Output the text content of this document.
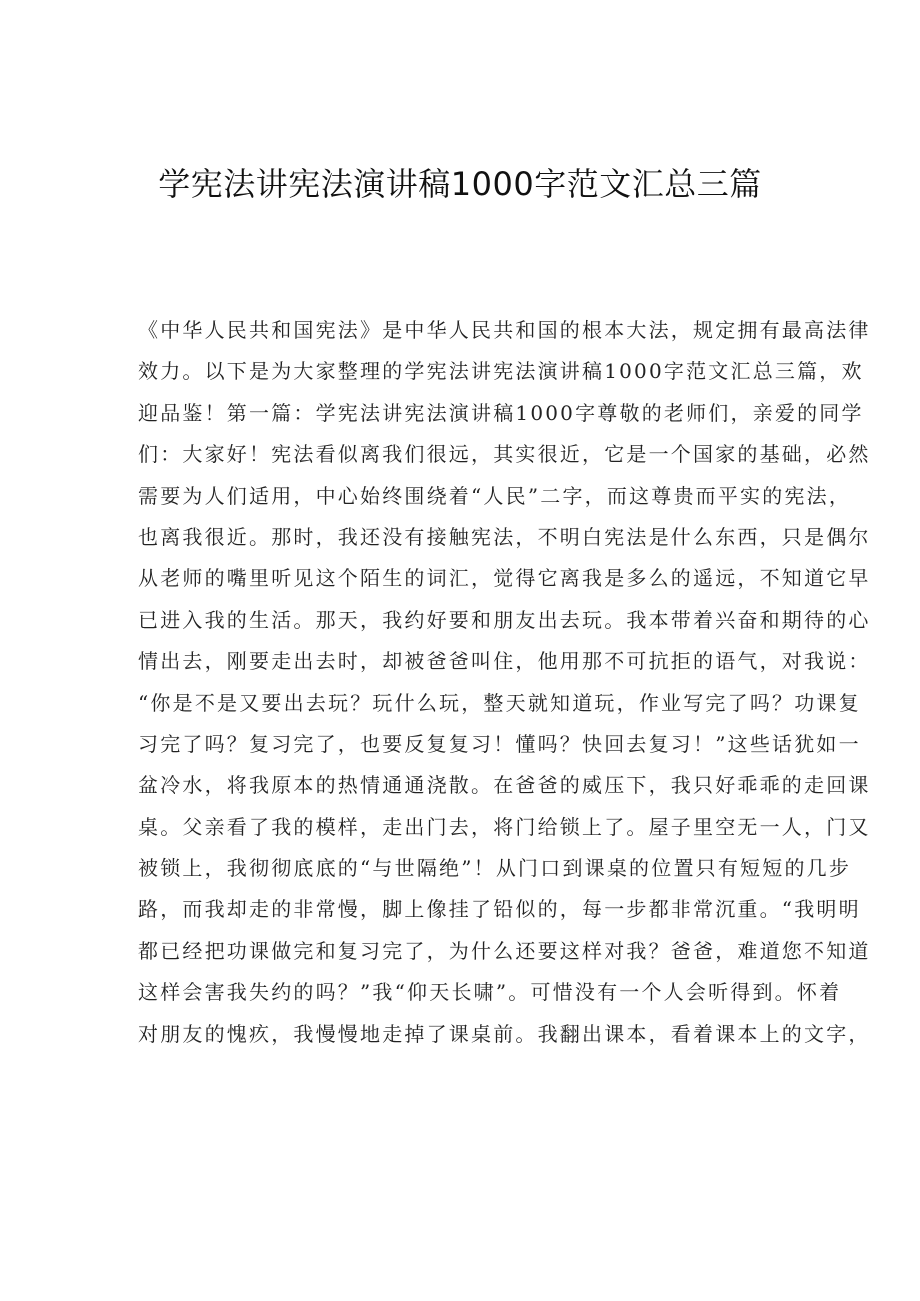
学宪法讲宪法演讲稿1000字范文汇总三篇
《中华人民共和国宪法》是中华人民共和国的根本大法，规定拥有最高法律
效力。以下是为大家整理的学宪法讲宪法演讲稿1000字范文汇总三篇，欢
迎品鉴！第一篇：学宪法讲宪法演讲稿1000字尊敬的老师们，亲爱的同学
们：大家好！宪法看似离我们很远，其实很近，它是一个国家的基础，必然
需要为人们适用，中心始终围绕着“人民”二字，而这尊贵而平实的宪法，
也离我很近。那时，我还没有接触宪法，不明白宪法是什么东西，只是偶尔
从老师的嘴里听见这个陌生的词汇，觉得它离我是多么的遥远，不知道它早
已进入我的生活。那天，我约好要和朋友出去玩。我本带着兴奋和期待的心
情出去，刚要走出去时，却被爸爸叫住，他用那不可抗拒的语气，对我说：
“你是不是又要出去玩？玩什么玩，整天就知道玩，作业写完了吗？功课复
习完了吗？复习完了，也要反复复习！懂吗？快回去复习！”这些话犹如一
盆冷水，将我原本的热情通通浇散。在爸爸的威压下，我只好乖乖的走回课
桌。父亲看了我的模样，走出门去，将门给锁上了。屋子里空无一人，门又
被锁上，我彻彻底底的“与世隔绝”！从门口到课桌的位置只有短短的几步
路，而我却走的非常慢，脚上像挂了铅似的，每一步都非常沉重。“我明明
都已经把功课做完和复习完了，为什么还要这样对我？爸爸，难道您不知道
这样会害我失约的吗？”我“仰天长啸”。可惜没有一个人会听得到。怀着
对朋友的愧疚，我慢慢地走掉了课桌前。我翻出课本，看着课本上的文字，
